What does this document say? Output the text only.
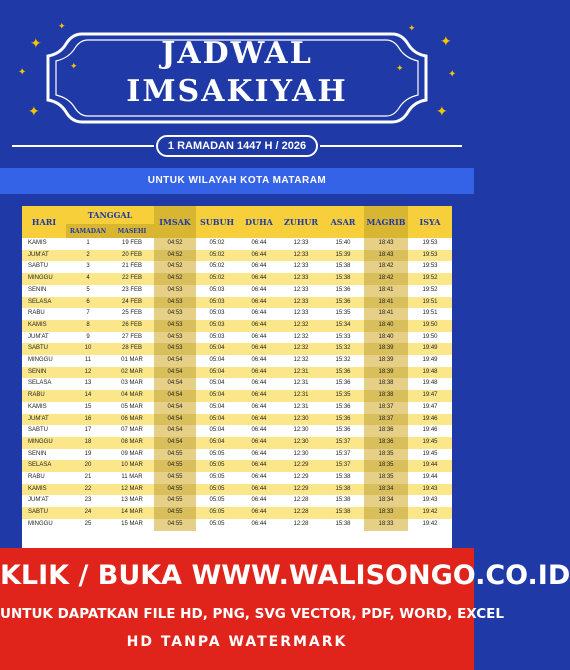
✦
✦
✦
✦
✦
✦
✦
✦
✦
✦
JADWAL
IMSAKIYAH
1 RAMADAN 1447 H / 2026
UNTUK WILAYAH KOTA MATARAM
HARI	TANGGAL		IMSAK	SUBUH	DUHA	ZUHUR	ASAR	MAGRIB	ISYA
	RAMADAN	MASEHI							
KAMIS	1	19 FEB	04:52	05:02	06:44	12:33	15:40	18:43	19:53
JUM'AT	2	20 FEB	04:52	05:02	06:44	12:33	15:39	18:43	19:53
SABTU	3	21 FEB	04:52	05:02	06:44	12:33	15:38	18:42	19:53
MINGGU	4	22 FEB	04:52	05:02	06:44	12:33	15:38	18:42	19:52
SENIN	5	23 FEB	04:53	05:03	06:44	12:33	15:36	18:41	19:52
SELASA	6	24 FEB	04:53	05:03	06:44	12:33	15:36	18:41	19:51
RABU	7	25 FEB	04:53	05:03	06:44	12:33	15:35	18:41	19:51
KAMIS	8	26 FEB	04:53	05:03	06:44	12:32	15:34	18:40	19:50
JUM'AT	9	27 FEB	04:53	05:03	06:44	12:32	15:33	18:40	19:50
SABTU	10	28 FEB	04:53	05:04	06:44	12:32	15:32	18:39	19:49
MINGGU	11	01 MAR	04:54	05:04	06:44	12:32	15:32	18:39	19:49
SENIN	12	02 MAR	04:54	05:04	06:44	12:31	15:36	18:39	19:48
SELASA	13	03 MAR	04:54	05:04	06:44	12:31	15:36	18:38	19:48
RABU	14	04 MAR	04:54	05:04	06:44	12:31	15:35	18:38	19:47
KAMIS	15	05 MAR	04:54	05:04	06:44	12:31	15:36	18:37	19:47
JUM'AT	16	06 MAR	04:54	05:04	06:44	12:30	15:36	18:37	19:46
SABTU	17	07 MAR	04:54	05:04	06:44	12:30	15:36	18:36	19:46
MINGGU	18	08 MAR	04:54	05:04	06:44	12:30	15:37	18:36	19:45
SENIN	19	09 MAR	04:55	05:05	06:44	12:30	15:37	18:35	19:45
SELASA	20	10 MAR	04:55	05:05	06:44	12:29	15:37	18:35	19:44
RABU	21	11 MAR	04:55	05:05	06:44	12:29	15:38	18:35	19:44
KAMIS	22	12 MAR	04:55	05:05	06:44	12:29	15:38	18:34	19:43
JUM'AT	23	13 MAR	04:55	05:05	06:44	12:28	15:38	18:34	19:43
SABTU	24	14 MAR	04:55	05:05	06:44	12:28	15:38	18:33	19:42
MINGGU	25	15 MAR	04:55	05:05	06:44	12:28	15:38	18:33	19:42
KLIK / BUKA WWW.WALISONGO.CO.ID
UNTUK DAPATKAN FILE HD, PNG, SVG VECTOR, PDF, WORD, EXCEL
HD TANPA WATERMARK
